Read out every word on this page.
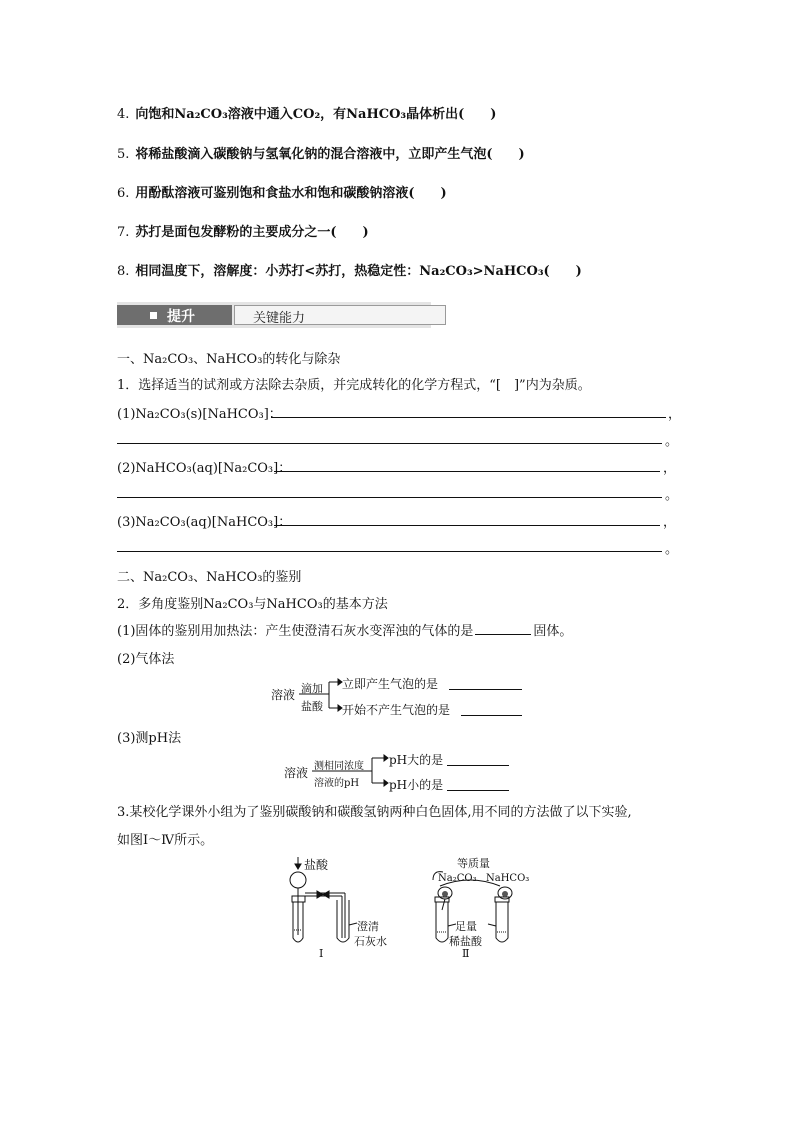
4. 向饱和Na₂CO₃溶液中通入CO₂，有NaHCO₃晶体析出(　　)
5. 将稀盐酸滴入碳酸钠与氢氧化钠的混合溶液中，立即产生气泡(　　)
6. 用酚酞溶液可鉴别饱和食盐水和饱和碳酸钠溶液(　　)
7. 苏打是面包发酵粉的主要成分之一(　　)
8. 相同温度下，溶解度：小苏打<苏打，热稳定性：Na₂CO₃>NaHCO₃(　　)
提升	关键能力
一、Na₂CO₃、NaHCO₃的转化与除杂
1．选择适当的试剂或方法除去杂质，并完成转化的化学方程式，“[　]”内为杂质。
(1)Na₂CO₃(s)[NaHCO₃]：	，
。
(2)NaHCO₃(aq)[Na₂CO₃]：	，
。
(3)Na₂CO₃(aq)[NaHCO₃]：	，
。
二、Na₂CO₃、NaHCO₃的鉴别
2．多角度鉴别Na₂CO₃与NaHCO₃的基本方法
(1)固体的鉴别用加热法：产生使澄清石灰水变浑浊的气体的是	固体。
(2)气体法
溶液 滴加
盐酸
立即产生气泡的是
开始不产生气泡的是
(3)测pH法
溶液 测相同浓度
溶液的pH
pH大的是
pH小的是
3.某校化学课外小组为了鉴别碳酸钠和碳酸氢钠两种白色固体,用不同的方法做了以下实验,
如图Ⅰ～Ⅳ所示。
盐酸
澄清
石灰水
Ⅰ
等质量
Na₂CO₃ NaHCO₃
足量
稀盐酸
Ⅱ
